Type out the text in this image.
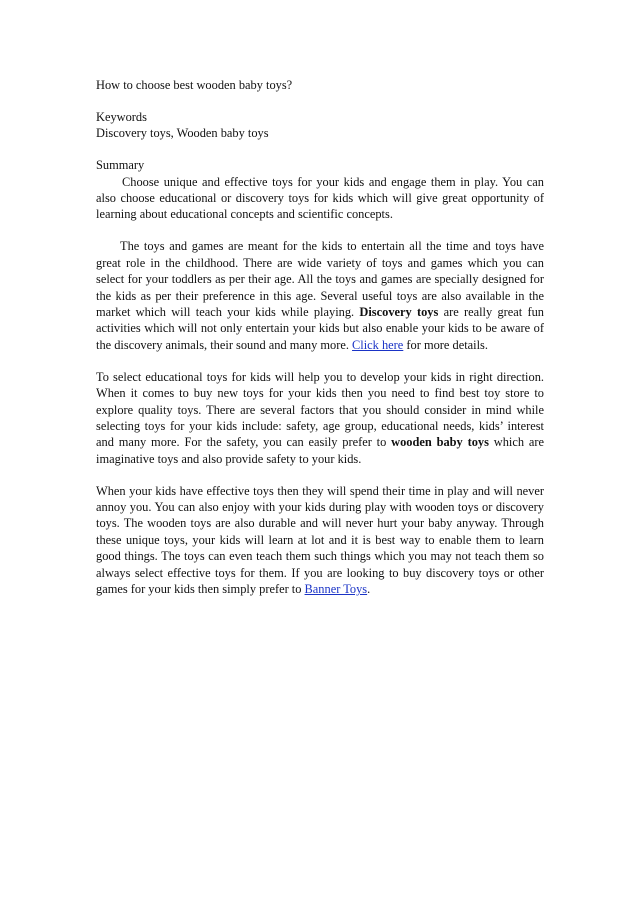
How to choose best wooden baby toys?

Keywords

Discovery toys, Wooden baby toys

Summary

Choose unique and effective toys for your kids and engage them in play. You can also choose educational or discovery toys for kids which will give great opportunity of learning about educational concepts and scientific concepts.

The toys and games are meant for the kids to entertain all the time and toys have great role in the childhood. There are wide variety of toys and games which you can select for your toddlers as per their age. All the toys and games are specially designed for the kids as per their preference in this age. Several useful toys are also available in the market which will teach your kids while playing. Discovery toys are really great fun activities which will not only entertain your kids but also enable your kids to be aware of the discovery animals, their sound and many more. Click here for more details.

To select educational toys for kids will help you to develop your kids in right direction. When it comes to buy new toys for your kids then you need to find best toy store to explore quality toys. There are several factors that you should consider in mind while selecting toys for your kids include: safety, age group, educational needs, kids’ interest and many more. For the safety, you can easily prefer to wooden baby toys which are imaginative toys and also provide safety to your kids.

When your kids have effective toys then they will spend their time in play and will never annoy you. You can also enjoy with your kids during play with wooden toys or discovery toys. The wooden toys are also durable and will never hurt your baby anyway. Through these unique toys, your kids will learn at lot and it is best way to enable them to learn good things. The toys can even teach them such things which you may not teach them so always select effective toys for them. If you are looking to buy discovery toys or other games for your kids then simply prefer to Banner Toys.
